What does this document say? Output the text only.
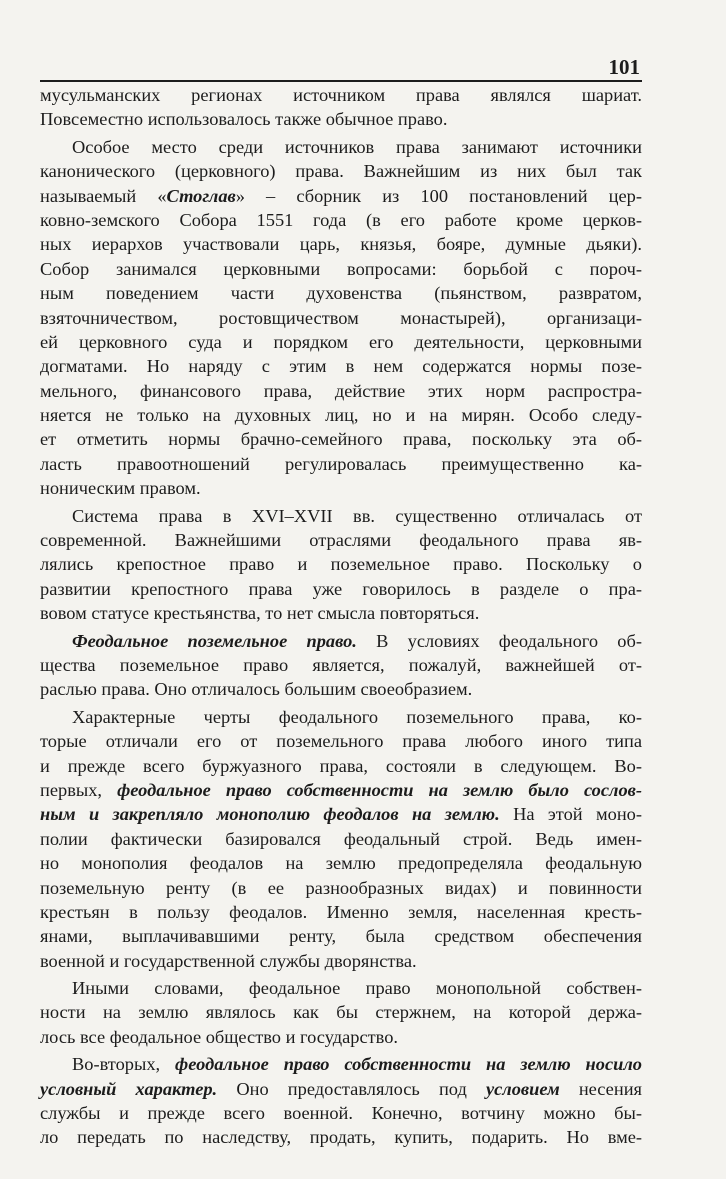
101
мусульманских регионах источником права являлся шариат.
Повсеместно использовалось также обычное право.
Особое место среди источников права занимают источники
канонического (церковного) права. Важнейшим из них был так
называемый «Стоглав» – сборник из 100 постановлений цер-
ковно-земского Собора 1551 года (в его работе кроме церков-
ных иерархов участвовали царь, князья, бояре, думные дьяки).
Собор занимался церковными вопросами: борьбой с пороч-
ным поведением части духовенства (пьянством, развратом,
взяточничеством, ростовщичеством монастырей), организаци-
ей церковного суда и порядком его деятельности, церковными
догматами. Но наряду с этим в нем содержатся нормы позе-
мельного, финансового права, действие этих норм распростра-
няется не только на духовных лиц, но и на мирян. Особо следу-
ет отметить нормы брачно-семейного права, поскольку эта об-
ласть правоотношений регулировалась преимущественно ка-
ноническим правом.
Система права в XVI–XVII вв. существенно отличалась от
современной. Важнейшими отраслями феодального права яв-
лялись крепостное право и поземельное право. Поскольку о
развитии крепостного права уже говорилось в разделе о пра-
вовом статусе крестьянства, то нет смысла повторяться.
Феодальное поземельное право. В условиях феодального об-
щества поземельное право является, пожалуй, важнейшей от-
раслью права. Оно отличалось большим своеобразием.
Характерные черты феодального поземельного права, ко-
торые отличали его от поземельного права любого иного типа
и прежде всего буржуазного права, состояли в следующем. Во-
первых, феодальное право собственности на землю было сослов-
ным и закрепляло монополию феодалов на землю. На этой моно-
полии фактически базировался феодальный строй. Ведь имен-
но монополия феодалов на землю предопределяла феодальную
поземельную ренту (в ее разнообразных видах) и повинности
крестьян в пользу феодалов. Именно земля, населенная кресть-
янами, выплачивавшими ренту, была средством обеспечения
военной и государственной службы дворянства.
Иными словами, феодальное право монопольной собствен-
ности на землю являлось как бы стержнем, на которой держа-
лось все феодальное общество и государство.
Во-вторых, феодальное право собственности на землю носило
условный характер. Оно предоставлялось под условием несения
службы и прежде всего военной. Конечно, вотчину можно бы-
ло передать по наследству, продать, купить, подарить. Но вме-
